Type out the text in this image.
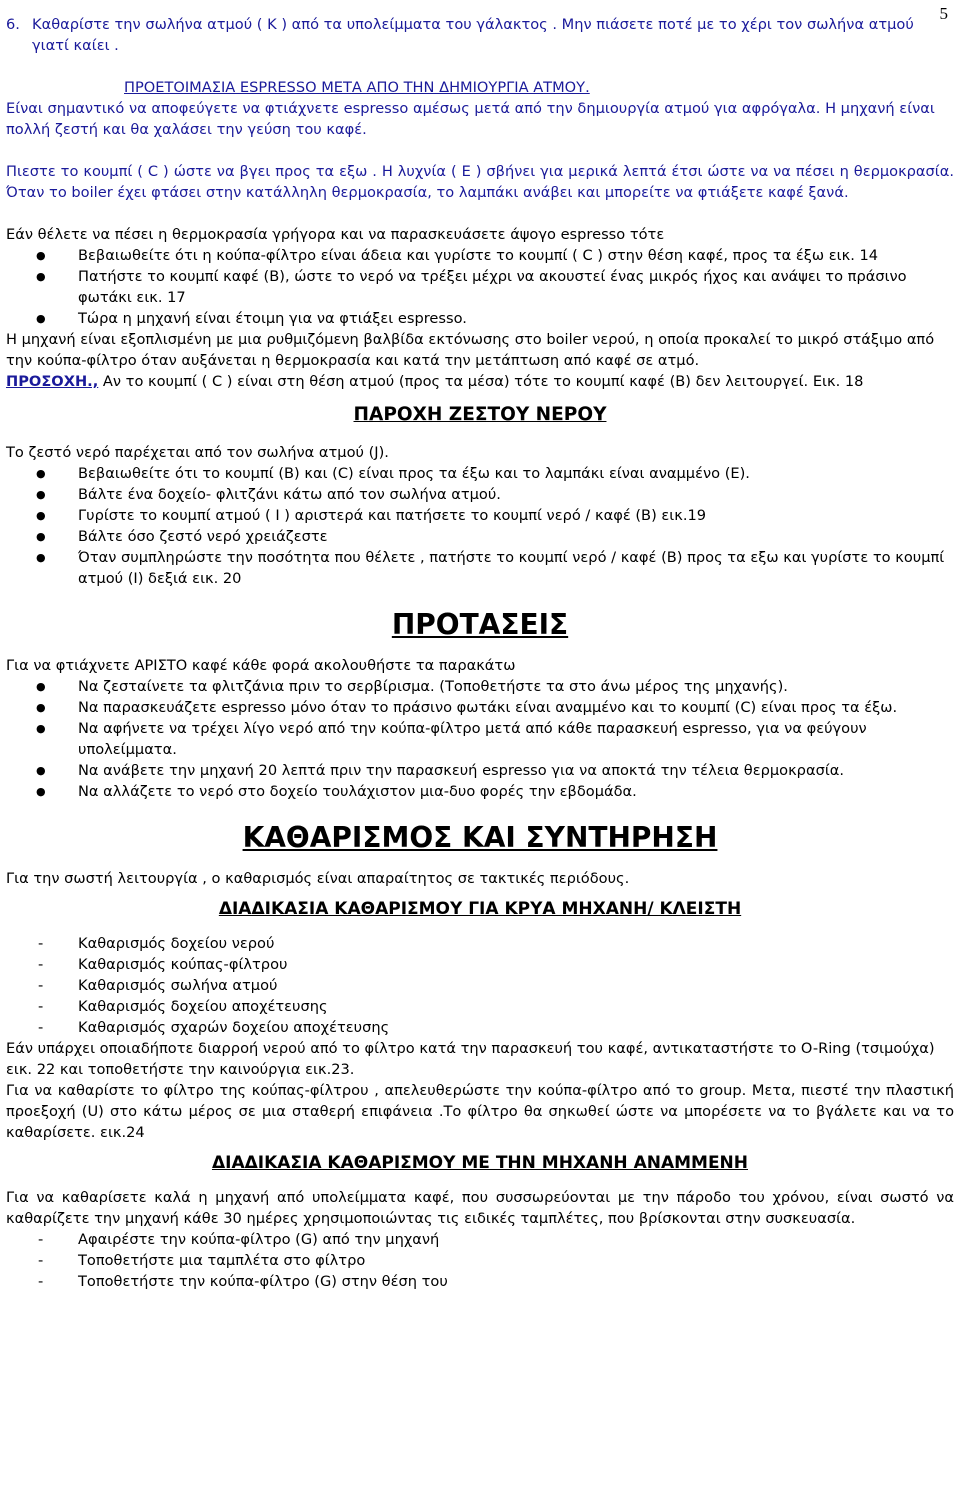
5
6. Καθαρίστε την σωλήνα ατμού ( K ) από τα υπολείμματα του γάλακτος . Μην πιάσετε ποτέ με το χέρι τον σωλήνα ατμού γιατί καίει .

ΠΡΟΕΤΟΙΜΑΣΙΑ ESPRESSO ΜΕΤΑ ΑΠΟ ΤΗΝ ΔΗΜΙΟΥΡΓΙΑ ΑΤΜΟΥ.

Είναι σημαντικό να αποφεύγετε να φτιάχνετε espresso αμέσως μετά από την δημιουργία ατμού για αφρόγαλα. Η μηχανή είναι πολλή ζεστή και θα χαλάσει την γεύση του καφέ.

Πιεστε το κουμπί ( C ) ώστε να βγει προς τα εξω . Η λυχνία ( E ) σβήνει για μερικά λεπτά έτσι ώστε να να πέσει η θερμοκρασία. Όταν το boiler έχει φτάσει στην κατάλληλη θερμοκρασία, το λαμπάκι ανάβει και μπορείτε να φτιάξετε καφέ ξανά.

Εάν θέλετε να πέσει η θερμοκρασία γρήγορα και να παρασκευάσετε άψογο espresso τότε

●	Βεβαιωθείτε ότι η κούπα-φίλτρο είναι άδεια και γυρίστε το κουμπί ( C ) στην θέση καφέ, προς τα έξω εικ. 14
●	Πατήστε το κουμπί καφέ (B), ώστε το νερό να τρέξει μέχρι να ακουστεί ένας μικρός ήχος και ανάψει το πράσινο φωτάκι εικ. 17
●	Τώρα η μηχανή είναι έτοιμη για να φτιάξει espresso.

Η μηχανή είναι εξοπλισμένη με μια ρυθμιζόμενη βαλβίδα εκτόνωσης στο boiler νερού, η οποία προκαλεί το μικρό στάξιμο από την κούπα-φίλτρο όταν αυξάνεται η θερμοκρασία και κατά την μετάπτωση από καφέ σε ατμό.

ΠΡΟΣΟΧΗ., Αν το κουμπί ( C ) είναι στη θέση ατμού (προς τα μέσα) τότε το κουμπί καφέ (B) δεν λειτουργεί. Εικ. 18

ΠΑΡΟΧΗ ΖΕΣΤΟΥ ΝΕΡΟΥ

Το ζεστό νερό παρέχεται από τον σωλήνα ατμού (J).

●	Βεβαιωθείτε ότι το κουμπί (B) και (C) είναι προς τα έξω και το λαμπάκι είναι αναμμένο (E).
●	Βάλτε ένα δοχείο- φλιτζάνι κάτω από τον σωλήνα ατμού.
●	Γυρίστε το κουμπί ατμού ( I ) αριστερά και πατήσετε το κουμπί νερό / καφέ (B) εικ.19
●	Βάλτε όσο ζεστό νερό χρειάζεστε
●	Όταν συμπληρώστε την ποσότητα που θέλετε , πατήστε το κουμπί νερό / καφέ (B) προς τα εξω και γυρίστε το κουμπί ατμού (I) δεξιά εικ. 20
ΠΡΟΤΑΣΕΙΣ

Για να φτιάχνετε ΑΡΙΣΤΟ καφέ κάθε φορά ακολουθήστε τα παρακάτω

●	Να ζεσταίνετε τα φλιτζάνια πριν το σερβίρισμα. (Τοποθετήστε τα στο άνω μέρος της μηχανής).
●	Να παρασκευάζετε espresso μόνο όταν το πράσινο φωτάκι είναι αναμμένο και το κουμπί (C) είναι προς τα έξω.
●	Να αφήνετε να τρέχει λίγο νερό από την κούπα-φίλτρο μετά από κάθε παρασκευή espresso, για να φεύγουν υπολείμματα.
●	Να ανάβετε την μηχανή 20 λεπτά πριν την παρασκευή espresso για να αποκτά την τέλεια θερμοκρασία.
●	Να αλλάζετε το νερό στο δοχείο τουλάχιστον μια-δυο φορές την εβδομάδα.
ΚΑΘΑΡΙΣΜΟΣ ΚΑΙ ΣΥΝΤΗΡΗΣΗ

Για την σωστή λειτουργία , ο καθαρισμός είναι απαραίτητος σε τακτικές περιόδους.

ΔΙΑΔΙΚΑΣΙΑ ΚΑΘΑΡΙΣΜΟΥ ΓΙΑ ΚΡΥΑ ΜΗΧΑΝΗ/ ΚΛΕΙΣΤΗ
-	Καθαρισμός δοχείου νερού
-	Καθαρισμός κούπας-φίλτρου
-	Καθαρισμός σωλήνα ατμού
-	Καθαρισμός δοχείου αποχέτευσης
-	Καθαρισμός σχαρών δοχείου αποχέτευσης

Εάν υπάρχει οποιαδήποτε διαρροή νερού από το φίλτρο κατά την παρασκευή του καφέ, αντικαταστήστε το O-Ring (τσιμούχα) εικ. 22 και τοποθετήστε την καινούργια εικ.23.

Για να καθαρίστε το φίλτρο της κούπας-φίλτρου , απελευθερώστε την κούπα-φίλτρο από το group. Μετα, πιεστέ την πλαστική προεξοχή (U) στο κάτω μέρος σε μια σταθερή επιφάνεια .Το φίλτρο θα σηκωθεί ώστε να μπορέσετε να το βγάλετε και να το καθαρίσετε. εικ.24

ΔΙΑΔΙΚΑΣΙΑ ΚΑΘΑΡΙΣΜΟΥ ΜΕ ΤΗΝ ΜΗΧΑΝΗ ΑΝΑΜΜΕΝΗ

Για να καθαρίσετε καλά η μηχανή από υπολείμματα καφέ, που συσσωρεύονται με την πάροδο του χρόνου, είναι σωστό να καθαρίζετε την μηχανή κάθε 30 ημέρες χρησιμοποιώντας τις ειδικές ταμπλέτες, που βρίσκονται στην συσκευασία.

-	Αφαιρέστε την κούπα-φίλτρο (G) από την μηχανή
-	Τοποθετήστε μια ταμπλέτα στο φίλτρο
-	Τοποθετήστε την κούπα-φίλτρο (G) στην θέση του
